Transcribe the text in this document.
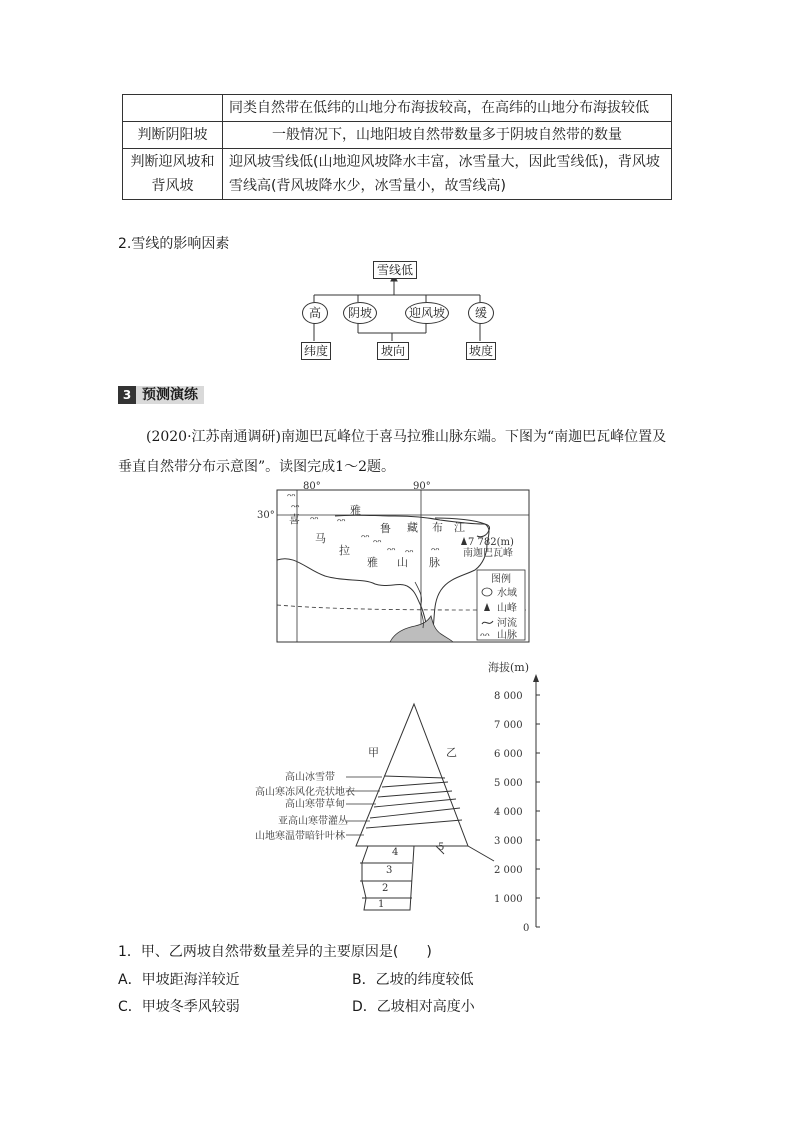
	同类自然带在低纬的山地分布海拔较高，在高纬的山地分布海拔较低
判断阴阳坡	一般情况下，山地阳坡自然带数量多于阴坡自然带的数量
判断迎风坡和背风坡	迎风坡雪线低(山地迎风坡降水丰富，冰雪量大，因此雪线低)，背风坡雪线高(背风坡降水少，冰雪量小，故雪线高)
2.雪线的影响因素
雪线低
高	阴坡	迎风坡	缓
纬度	坡向	坡度
3 预测演练
(2020·江苏南通调研)南迦巴瓦峰位于喜马拉雅山脉东端。下图为“南迦巴瓦峰位置及垂直自然带分布示意图”。读图完成1～2题。
ᴖᴖ
ᴖᴖ
ᴖᴖ	ᴖᴖ
ᴖᴖ
ᴖᴖ
ᴖᴖ ᴖᴖ	ᴖᴖ
80°	90°
30° 喜
马
拉
雅 山 脉
雅
鲁 藏 布 江
7 782(m)
南迦巴瓦峰
图例
水域
山峰
河流
ᴖᴖ 山脉
海拔(m)
8 000
7 000
6 000
5 000
4 000
3 000
2 000
1 000
0
甲	乙
高山冰雪带
高山寒冻风化壳状地衣
高山寒带草甸
亚高山寒带灌丛
山地寒温带暗针叶林
4
3
2
1
5
1．甲、乙两坡自然带数量差异的主要原因是(　　)
A．甲坡距海洋较近	B．乙坡的纬度较低
C．甲坡冬季风较弱	D．乙坡相对高度小
